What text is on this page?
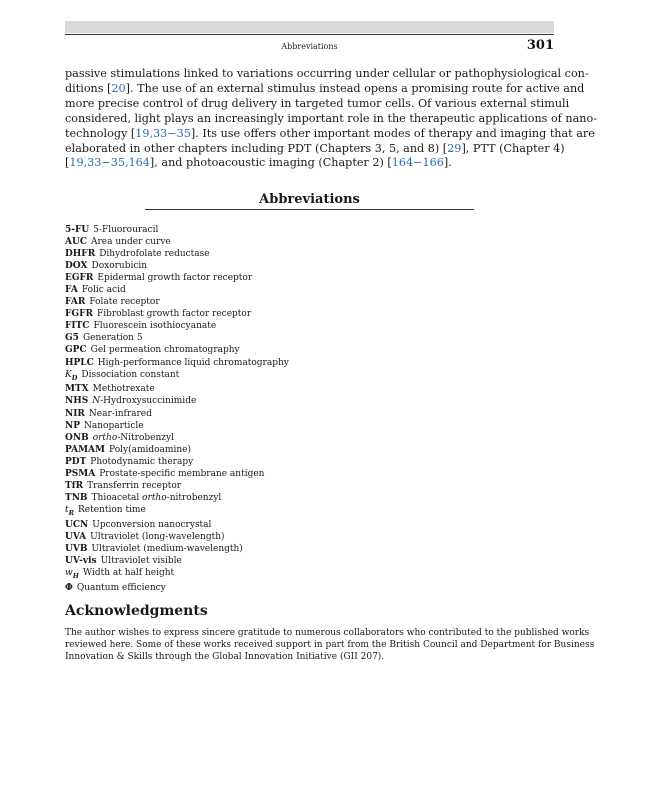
Abbreviations	301
passive stimulations linked to variations occurring under cellular or pathophysiological con-
ditions [20]. The use of an external stimulus instead opens a promising route for active and
more precise control of drug delivery in targeted tumor cells. Of various external stimuli
considered, light plays an increasingly important role in the therapeutic applications of nano-
technology [19,33−35]. Its use offers other important modes of therapy and imaging that are
elaborated in other chapters including PDT (Chapters 3, 5, and 8) [29], PTT (Chapter 4)
[19,33−35,164], and photoacoustic imaging (Chapter 2) [164−166].
Abbreviations
5-FU 5-Fluorouracil
AUC Area under curve
DHFR Dihydrofolate reductase
DOX Doxorubicin
EGFR Epidermal growth factor receptor
FA Folic acid
FAR Folate receptor
FGFR Fibroblast growth factor receptor
FITC Fluorescein isothiocyanate
G5 Generation 5
GPC Gel permeation chromatography
HPLC High-performance liquid chromatography
$K_D$ Dissociation constant
MTX Methotrexate
NHS N-Hydroxysuccinimide
NIR Near-infrared
NP Nanoparticle
ONB ortho-Nitrobenzyl
PAMAM Poly(amidoamine)
PDT Photodynamic therapy
PSMA Prostate-specific membrane antigen
TfR Transferrin receptor
TNB Thioacetal ortho-nitrobenzyl
$t_R$ Retention time
UCN Upconversion nanocrystal
UVA Ultraviolet (long-wavelength)
UVB Ultraviolet (medium-wavelength)
UV-vis Ultraviolet visible
$w_H$ Width at half height
Φ Quantum efficiency
Acknowledgments
The author wishes to express sincere gratitude to numerous collaborators who contributed to the published works
reviewed here. Some of these works received support in part from the British Council and Department for Business
Innovation & Skills through the Global Innovation Initiative (GII 207).
